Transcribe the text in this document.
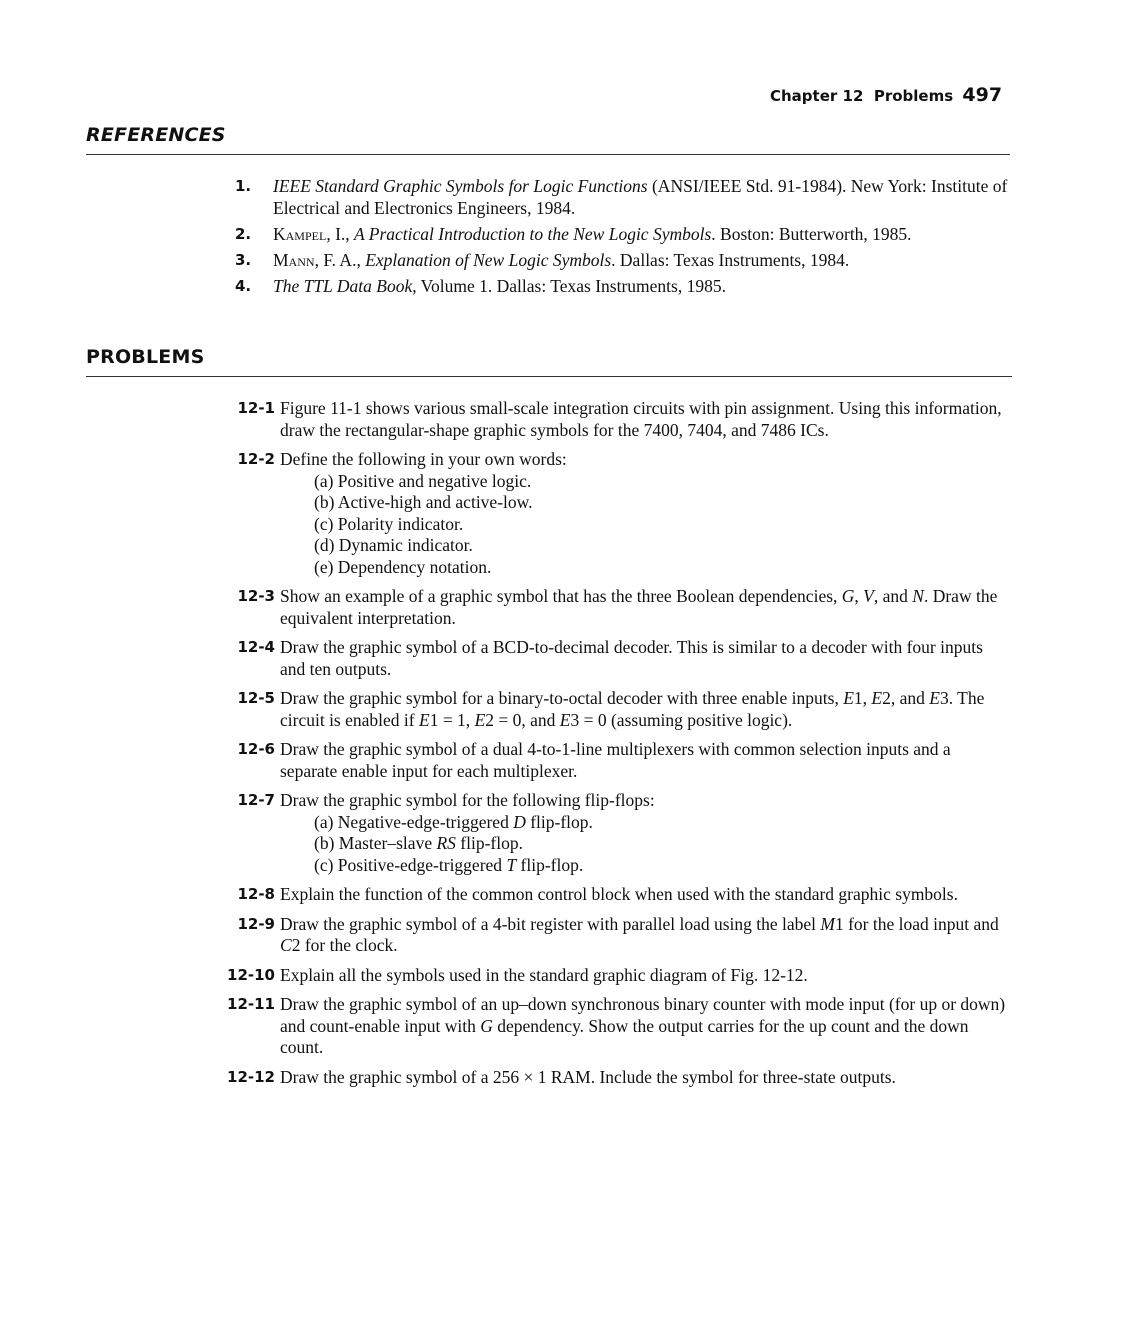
Chapter 12 Problems 497
REFERENCES
1. IEEE Standard Graphic Symbols for Logic Functions (ANSI/IEEE Std. 91-1984). New York: Institute of Electrical and Electronics Engineers, 1984.
2. Kampel, I., A Practical Introduction to the New Logic Symbols. Boston: Butterworth, 1985.
3. Mann, F. A., Explanation of New Logic Symbols. Dallas: Texas Instruments, 1984.
4. The TTL Data Book, Volume 1. Dallas: Texas Instruments, 1985.
PROBLEMS
12-1 Figure 11-1 shows various small-scale integration circuits with pin assignment. Using this information, draw the rectangular-shape graphic symbols for the 7400, 7404, and 7486 ICs.
12-2 Define the following in your own words:
(a) Positive and negative logic.
(b) Active-high and active-low.
(c) Polarity indicator.
(d) Dynamic indicator.
(e) Dependency notation.
12-3 Show an example of a graphic symbol that has the three Boolean dependencies, G, V, and N. Draw the equivalent interpretation.
12-4 Draw the graphic symbol of a BCD-to-decimal decoder. This is similar to a decoder with four inputs and ten outputs.
12-5 Draw the graphic symbol for a binary-to-octal decoder with three enable inputs, E1, E2, and E3. The circuit is enabled if E1 = 1, E2 = 0, and E3 = 0 (assuming positive logic).
12-6 Draw the graphic symbol of a dual 4-to-1-line multiplexers with common selection inputs and a separate enable input for each multiplexer.
12-7 Draw the graphic symbol for the following flip-flops:
(a) Negative-edge-triggered D flip-flop.
(b) Master–slave RS flip-flop.
(c) Positive-edge-triggered T flip-flop.
12-8 Explain the function of the common control block when used with the standard graphic symbols.
12-9 Draw the graphic symbol of a 4-bit register with parallel load using the label M1 for the load input and C2 for the clock.
12-10 Explain all the symbols used in the standard graphic diagram of Fig. 12-12.
12-11 Draw the graphic symbol of an up–down synchronous binary counter with mode input (for up or down) and count-enable input with G dependency. Show the output carries for the up count and the down count.
12-12 Draw the graphic symbol of a 256 × 1 RAM. Include the symbol for three-state outputs.
